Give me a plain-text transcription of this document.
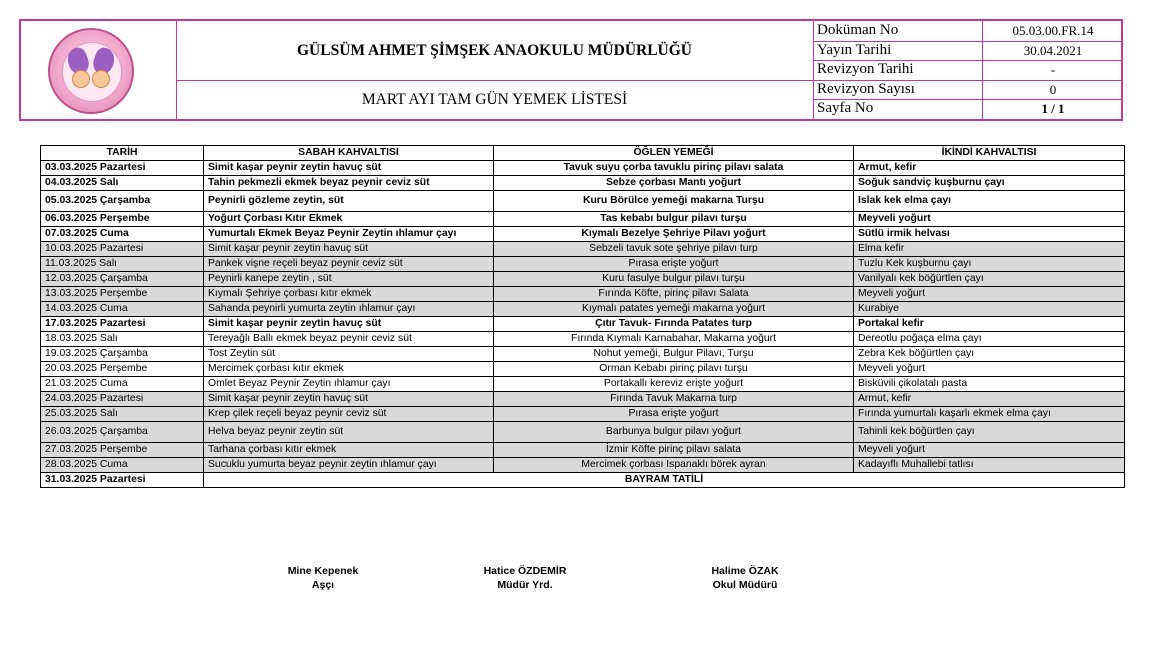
GÜLSÜM AHMET ŞİMŞEK ANAOKULU MÜDÜRLÜĞÜ
MART AYI TAM GÜN YEMEK LİSTESİ
Doküman No	05.03.00.FR.14
Yayın Tarihi	30.04.2021
Revizyon Tarihi	-
Revizyon Sayısı	0
Sayfa No	1 / 1
TARİH	SABAH KAHVALTISI	ÖĞLEN YEMEĞİ	İKİNDİ KAHVALTISI
03.03.2025 Pazartesi	Simit kaşar peynir zeytin havuç süt	Tavuk suyu çorba tavuklu pirinç pilavı salata	Armut, kefir
04.03.2025 Salı	Tahin pekmezli ekmek beyaz peynir ceviz süt	Sebze çorbası Mantı yoğurt	Soğuk sandviç kuşburnu çayı
05.03.2025 Çarşamba	Peynirli gözleme zeytin, süt	Kuru Börülce yemeği makarna Turşu	Islak kek elma çayı
06.03.2025 Perşembe	Yoğurt Çorbası Kıtır Ekmek	Tas kebabı bulgur pilavı turşu	Meyveli yoğurt
07.03.2025 Cuma	Yumurtalı Ekmek Beyaz Peynir Zeytin ıhlamur çayı	Kıymalı Bezelye Şehriye Pilavı yoğurt	Sütlü irmik helvası
10.03.2025 Pazartesi	Simit kaşar peynir zeytin havuç süt	Sebzeli tavuk sote şehriye pilavı turp	Elma kefir
11.03.2025 Salı	Pankek vişne reçeli beyaz peynir ceviz süt	Pırasa erişte yoğurt	Tuzlu Kek kuşburnu çayı
12.03.2025 Çarşamba	Peynirli kanepe zeytin , süt	Kuru fasulye bulgur pilavı turşu	Vanilyalı kek böğürtlen çayı
13.03.2025 Perşembe	Kıymalı Şehriye çorbası kıtır ekmek	Fırında Köfte, pirinç pilavı Salata	Meyveli yoğurt
14.03.2025 Cuma	Sahanda peynirli yumurta zeytin ıhlamur çayı	Kıymalı patates yemeği makarna yoğurt	Kurabiye
17.03.2025 Pazartesi	Simit kaşar peynir zeytin havuç süt	Çıtır Tavuk- Fırında Patates turp	Portakal kefir
18.03.2025 Salı	Tereyağlı Ballı ekmek beyaz peynir ceviz süt	Fırında Kıymalı Karnabahar, Makarna yoğurt	Dereotlu poğaça elma çayı
19.03.2025 Çarşamba	Tost Zeytin süt	Nohut yemeği, Bulgur Pilavı, Turşu	Zebra Kek böğürtlen çayı
20.03.2025 Perşembe	Mercimek çorbası kıtır ekmek	Orman Kebabı pirinç pilavı turşu	Meyveli yoğurt
21.03.2025 Cuma	Omlet Beyaz Peynir Zeytin ıhlamur çayı	Portakallı kereviz erişte yoğurt	Bisküvili çikolatalı pasta
24.03.2025 Pazartesi	Simit kaşar peynir zeytin havuç süt	Fırında Tavuk Makarna turp	Armut, kefir
25.03.2025 Salı	Krep çilek reçeli beyaz peynir ceviz süt	Pırasa erişte yoğurt	Fırında yumurtalı kaşarlı ekmek elma çayı
26.03.2025 Çarşamba	Helva beyaz peynir zeytin süt	Barbunya bulgur pilavı yoğurt	Tahinli kek böğürtlen çayı
27.03.2025 Perşembe	Tarhana çorbası kıtır ekmek	İzmir Köfte pirinç pilavı salata	Meyveli yoğurt
28.03.2025 Cuma	Sucuklu yumurta beyaz peynir zeytin ıhlamur çayı	Mercimek çorbası Ispanaklı börek ayran	Kadayıflı Muhallebi tatlısı
31.03.2025 Pazartesi	BAYRAM TATİLİ		
Mine Kepenek
Aşçı
Hatice ÖZDEMİR
Müdür Yrd.
Halime ÖZAK
Okul Müdürü
